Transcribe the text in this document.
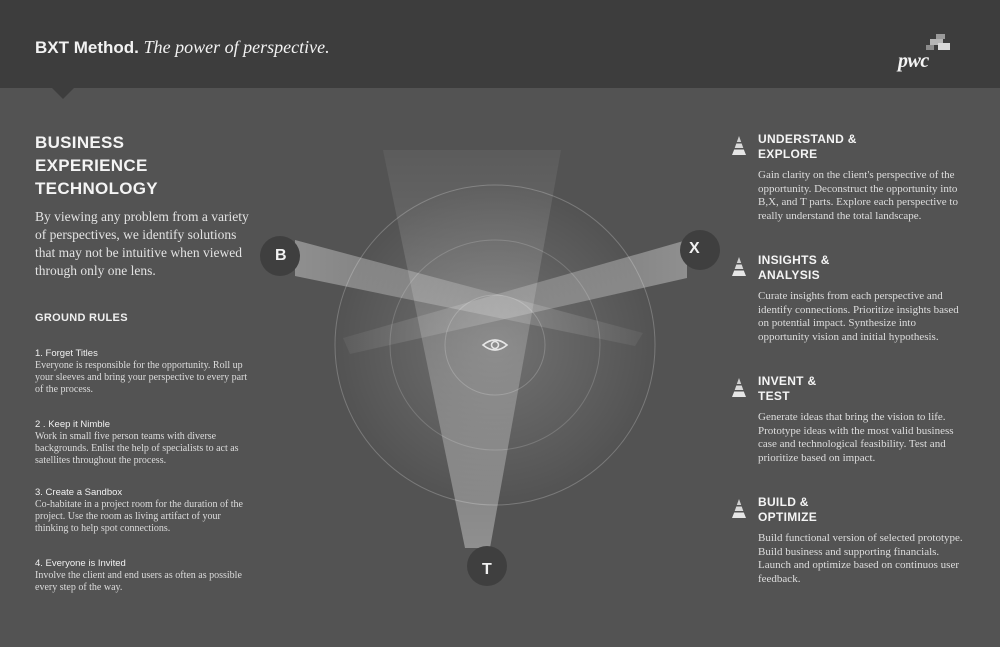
BXT Method. The power of perspective.
pwc
BUSINESS
EXPERIENCE
TECHNOLOGY
By viewing any problem from a variety of perspectives, we identify solutions that may not be intuitive when viewed through only one lens.
GROUND RULES
1. Forget Titles
Everyone is responsible for the opportunity. Roll up your sleeves and bring your perspective to every part of the process.
2 . Keep it Nimble
Work in small five person teams with diverse backgrounds. Enlist the help of specialists to act as satellites throughout the process.
3. Create a Sandbox
Co-habitate in a project room for the duration of the project. Use the room as living artifact of your thinking to help spot connections.
4. Everyone is Invited
Involve the client and end users as often as possible every step of the way.
B	X
T
UNDERSTAND &
EXPLORE
Gain clarity on the client's perspective of the opportunity. Deconstruct the opportunity into B,X, and T parts. Explore each perspective to really understand the total landscape.
INSIGHTS &
ANALYSIS
Curate insights from each perspective and identify connections. Prioritize insights based on potential impact. Synthesize into opportunity vision and initial hypothesis.
INVENT &
TEST
Generate ideas that bring the vision to life. Prototype ideas with the most valid business case and technological feasibility. Test and prioritize based on impact.
BUILD &
OPTIMIZE
Build functional version of selected prototype. Build business and supporting financials. Launch and optimize based on continuos user feedback.
